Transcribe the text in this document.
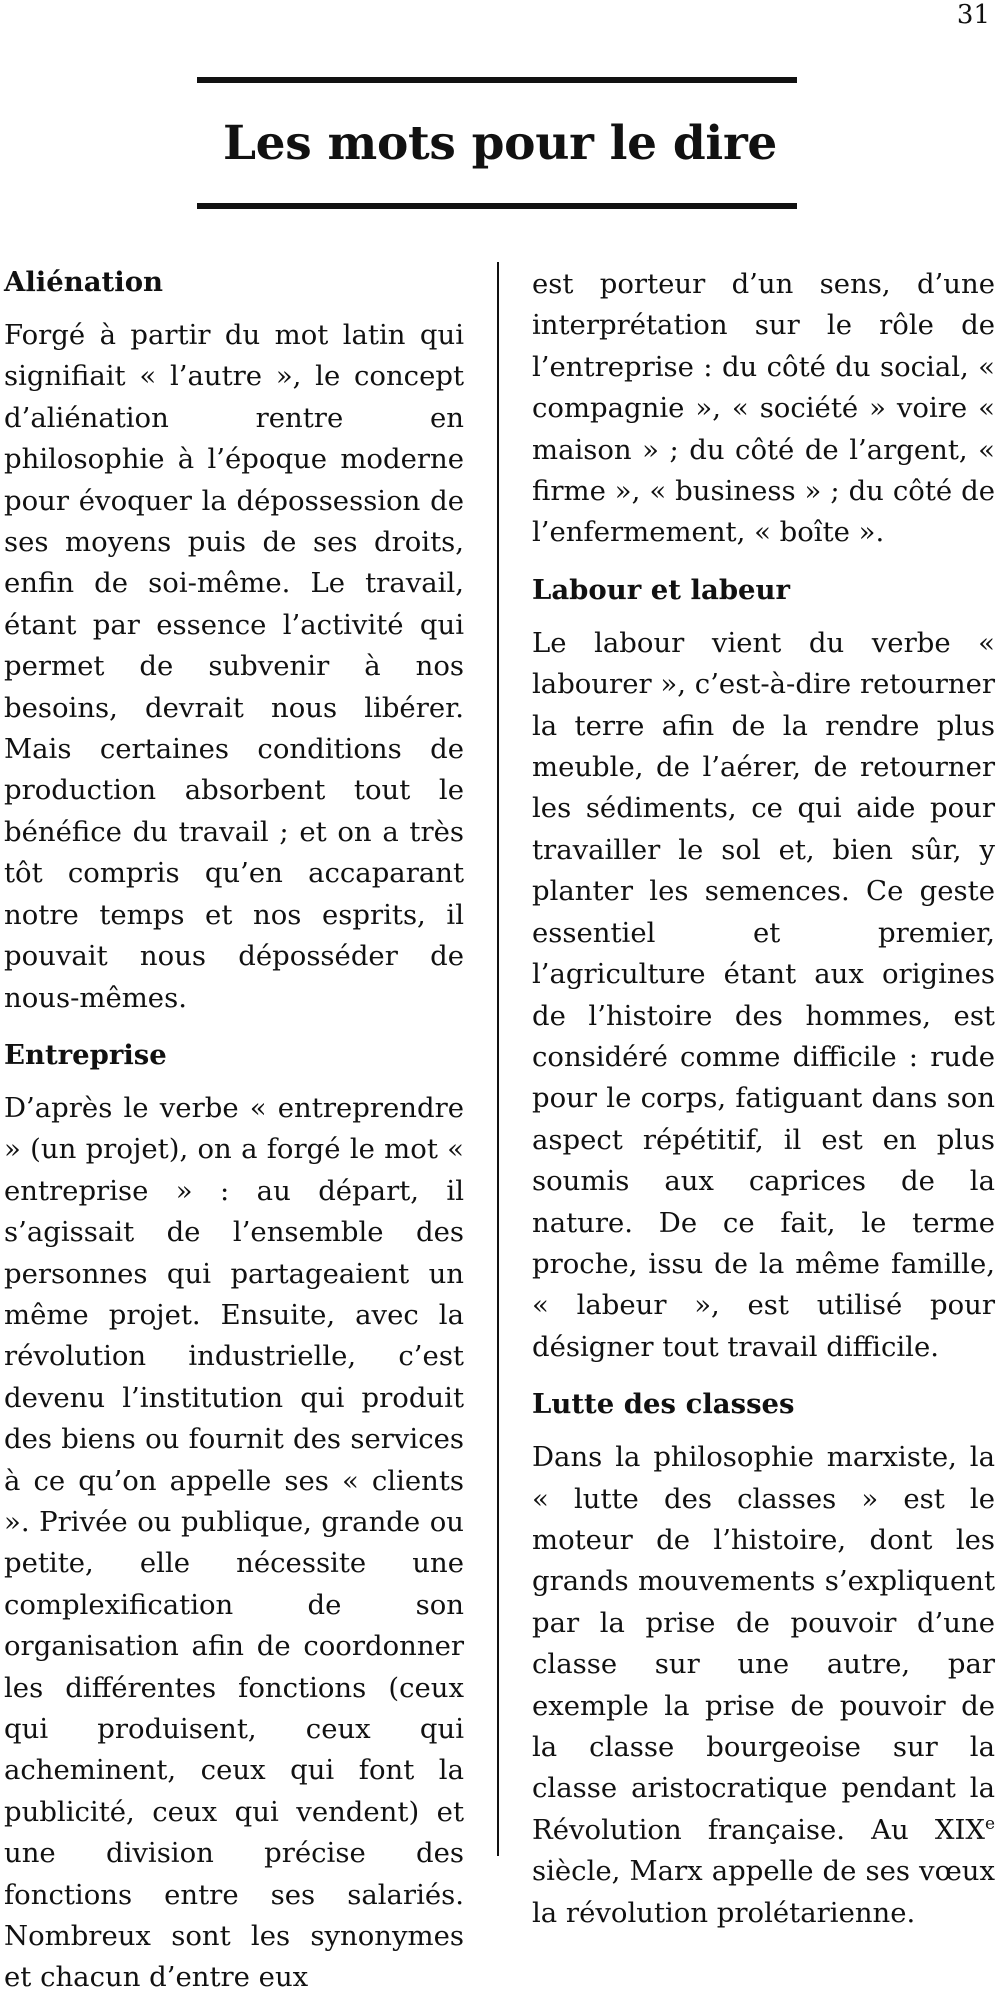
31
Les mots pour le dire
Aliénation

Forgé à partir du mot latin qui signifiait « l’autre », le concept d’aliénation rentre en philosophie à l’époque moderne pour évoquer la dépossession de ses moyens puis de ses droits, enfin de soi-même. Le travail, étant par essence l’activité qui permet de subvenir à nos besoins, devrait nous libérer. Mais certaines conditions de production absorbent tout le bénéfice du travail ; et on a très tôt compris qu’en accaparant notre temps et nos esprits, il pouvait nous déposséder de nous-mêmes.

Entreprise

D’après le verbe « entreprendre » (un projet), on a forgé le mot « entreprise » : au départ, il s’agissait de l’ensemble des personnes qui partageaient un même projet. Ensuite, avec la révolution industrielle, c’est devenu l’institution qui produit des biens ou fournit des services à ce qu’on appelle ses « clients ». Privée ou publique, grande ou petite, elle nécessite une complexification de son organisation afin de coordonner les différentes fonctions (ceux qui produisent, ceux qui acheminent, ceux qui font la publicité, ceux qui vendent) et une division précise des fonctions entre ses salariés. Nombreux sont les synonymes et chacun d’entre eux

est porteur d’un sens, d’une interprétation sur le rôle de l’entreprise : du côté du social, « compagnie », « société » voire « maison » ; du côté de l’argent, « firme », « business » ; du côté de l’enfermement, « boîte ».

Labour et labeur

Le labour vient du verbe « labourer », c’est-à-dire retourner la terre afin de la rendre plus meuble, de l’aérer, de retourner les sédiments, ce qui aide pour travailler le sol et, bien sûr, y planter les semences. Ce geste essentiel et premier, l’agriculture étant aux origines de l’histoire des hommes, est considéré comme difficile : rude pour le corps, fatiguant dans son aspect répétitif, il est en plus soumis aux caprices de la nature. De ce fait, le terme proche, issu de la même famille, « labeur », est utilisé pour désigner tout travail difficile.

Lutte des classes

Dans la philosophie marxiste, la « lutte des classes » est le moteur de l’histoire, dont les grands mouvements s’expliquent par la prise de pouvoir d’une classe sur une autre, par exemple la prise de pouvoir de la classe bourgeoise sur la classe aristocratique pendant la Révolution française. Au XIXe siècle, Marx appelle de ses vœux la révolution prolétarienne.
